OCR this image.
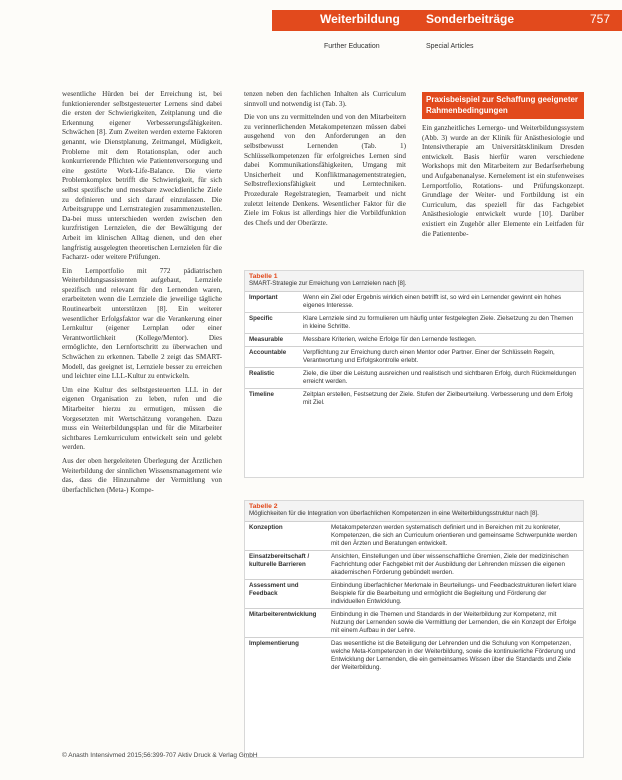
Weiterbildung Sonderbeiträge	757
Further Education	Special Articles

wesentliche Hürden bei der Erreichung ist, bei funktionierender selbstgesteuerter Lernens sind dabei die ersten der Schwierigkeiten, Zeitplanung und die Erkennung eigener Verbesserungsfähigkeiten. Schwächen [8]. Zum Zweiten werden externe Faktoren genannt, wie Dienstplanung, Zeitmangel, Müdigkeit, Probleme mit dem Rotationsplan, oder auch konkurrierende Pflichten wie Patientenversorgung und eine gestörte Work-Life-Balance. Die vierte Problemkomplex betrifft die Schwierigkeit, für sich selbst spezifische und messbare zweckdienliche Ziele zu definieren und sich darauf einzulassen. Die Arbeitsgruppe und Lernstrategien zusammenzustellen. Da-bei muss unterschieden werden zwischen den kurzfristigen Lernzielen, die der Bewältigung der Arbeit im klinischen Alltag dienen, und den eher langfristig ausgelegten theoretischen Lernzielen für die Facharzt- oder weitere Prüfungen.

Ein Lernportfolio mit 772 pädiatrischen Weiterbildungsassistenten aufgebaut, Lernziele spezifisch und relevant für den Lernenden waren, erarbeiteten wenn die Lernziele die jeweilige tägliche Routinearbeit unterstützen [8]. Ein weiterer wesentlicher Erfolgsfaktor war die Verankerung einer Lernkultur (eigener Lernplan oder einer Verantwortlichkeit (Kollege/Mentor). Dies ermöglichte, den Lernfortschritt zu überwachen und Schwächen zu erkennen. Tabelle 2 zeigt das SMART-Modell, das geeignet ist, Lernziele besser zu erreichen und leichter eine LLL-Kultur zu entwickeln.

Um eine Kultur des selbstgesteuerten LLL in der eigenen Organisation zu leben, rufen und die Mitarbeiter hierzu zu ermutigen, müssen die Vorgesetzten mit Wertschätzung vorangehen. Dazu muss ein Weiterbildungsplan und für die Mitarbeiter sichtbares Lernkurriculum entwickelt sein und gelebt werden.

Aus der oben hergeleiteten Überlegung der Ärztlichen Weiterbildung der sinnlichen Wissensmanagement wie das, dass die Hinzunahme der Vermittlung von überfachlichen (Meta-) Kompe-

tenzen neben den fachlichen Inhalten als Curriculum sinnvoll und notwendig ist (Tab. 3).

Die von uns zu vermittelnden und von den Mitarbeitern zu verinnerlichenden Metakompetenzen müssen dabei ausgehend von den Anforderungen an den selbstbewusst Lernenden (Tab. 1) Schlüsselkompetenzen für erfolgreiches Lernen sind dabei Kommunikationsfähigkeiten, Umgang mit Unsicherheit und Konfliktmanagementstrategien, Selbstreflexionsfähigkeit und Lerntechniken. Prozedurale Regelstrategien, Teamarbeit und nicht zuletzt leitende Denkens. Wesentlicher Faktor für die Ziele im Fokus ist allerdings hier die Vorbildfunktion des Chefs und der Oberärzte.

Praxisbeispiel zur Schaffung geeigneter Rahmenbedingungen
Ein ganzheitliches Lernergo- und Weiterbildungssystem (Abb. 3) wurde an der Klinik für Anästhesiologie und Intensivtherapie am Universitätsklinikum Dresden entwickelt. Basis hierfür waren verschiedene Workshops mit den Mitarbeitern zur Bedarfserhebung und Aufgabenanalyse. Kernelement ist ein stufenweises Lernportfolio, Rotations- und Prüfungskonzept. Grundlage der Weiter- und Fortbildung ist ein Curriculum, das speziell für das Fachgebiet Anästhesiologie entwickelt wurde [10]. Darüber existiert ein Zugehör aller Elemente ein Leitfaden für die Patientenbe-
Tabelle 1
SMART-Strategie zur Erreichung von Lernzielen nach [8].
Important	Wenn ein Ziel oder Ergebnis wirklich einen betrifft ist, so wird ein Lernender gewinnt ein hohes eigenes Interesse.
Specific	Klare Lernziele sind zu formulieren um häufig unter festgelegten Ziele. Zielsetzung zu den Themen in kleine Schritte.
Measurable	Messbare Kriterien, welche Erfolge für den Lernende festlegen.
Accountable	Verpflichtung zur Erreichung durch einen Mentor oder Partner. Einer der Schlüsseln Regeln, Verantwortung und Erfolgskontrolle erlebt.
Realistic	Ziele, die über die Leistung ausreichen und realistisch und sichtbaren Erfolg, durch Rückmeldungen erreicht werden.
Timeline	Zeitplan erstellen, Festsetzung der Ziele. Stufen der Zielbeurteilung. Verbesserung und dem Erfolg mit Ziel.
Tabelle 2
Möglichkeiten für die Integration von überfachlichen Kompetenzen in eine Weiterbildungsstruktur nach [8].
Konzeption	Metakompetenzen werden systematisch definiert und in Bereichen mit zu konkreter, Kompetenzen, die sich an Curriculum orientieren und gemeinsame Schwerpunkte werden mit den Ärzten und Beratungen entwickelt.
Einsatzbereitschaft / kulturelle Barrieren	Ansichten, Einstellungen und über wissenschaftliche Gremien, Ziele der medizinischen Fachrichtung oder Fachgebiet mit der Ausbildung der Lehrenden müssen die eigenen akademischen Förderung gebündelt werden.
Assessment und Feedback	Einbindung überfachlicher Merkmale in Beurteilungs- und Feedbackstrukturen liefert klare Beispiele für die Bearbeitung und ermöglicht die Begleitung und Förderung der individuellen Entwicklung.
Mitarbeiterentwicklung	Einbindung in die Themen und Standards in der Weiterbildung zur Kompetenz, mit Nutzung der Lernenden sowie die Vermittlung der Lernenden, die ein Konzept der Erfolge mit einem Aufbau in der Lehre.
Implementierung	Das wesentliche ist die Beteiligung der Lehrenden und die Schulung von Kompetenzen, welche Meta-Kompetenzen in der Weiterbildung, sowie die kontinuierliche Förderung und Entwicklung der Lernenden, die ein gemeinsames Wissen über die Standards und Ziele der Weiterbildung.
© Anasth Intensivmed 2015;56:399-707 Aktiv Druck & Verlag GmbH
